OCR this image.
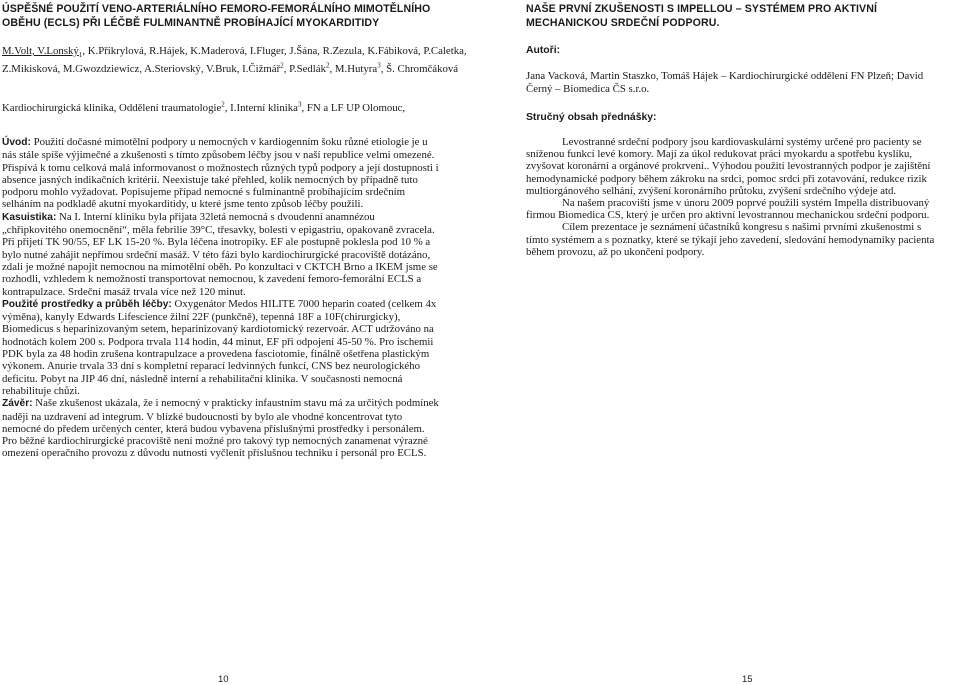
ÚSPĚŠNÉ POUŽITÍ VENO-ARTERIÁLNÍHO FEMORO-FEMORÁLNÍHO MIMOTĚLNÍHO OBĚHU (ECLS) PŘI LÉČBĚ FULMINANTNĚ PROBÍHAJÍCÍ MYOKARDITIDY
M.Volt, V.Lonský$_1$, K.Přikrylová, R.Hájek, K.Maderová, I.Fluger, J.Šána, R.Zezula, K.Fábiková, P.Caletka, Z.Mikisková, M.Gwozdziewicz, A.Steriovský, V.Bruk, I.Čižmář$^2$, P.Sedlák$^2$, M.Hutyra$^3$, Š. Chromčáková
Kardiochirurgická klinika, Oddělení traumatologie$^2$, I.Interní klinika$^3$, FN a LF UP Olomouc,
Úvod: Použití dočasné mimotělní podpory u nemocných v kardiogenním šoku různé etiologie je u nás stále spíše výjimečné a zkušenosti s tímto způsobem léčby jsou v naší republice velmi omezené. Přispívá k tomu celková malá informovanost o možnostech různých typů podpory a její dostupnosti i absence jasných indikačních kritérií. Neexistuje také přehled, kolik nemocných by případně tuto podporu mohlo vyžadovat. Popisujeme případ nemocné s fulminantně probíhajícím srdečním selháním na podkladě akutní myokarditidy, u které jsme tento způsob léčby použili.
Kasuistika: Na I. Interní kliniku byla přijata 32letá nemocná s dvoudenní anamnézou „chřipkovitého onemocnění“, měla febrilie 39°C, třesavky, bolesti v epigastriu, opakovaně zvracela. Při přijetí TK 90/55, EF LK 15-20 %. Byla léčena inotropiky. EF ale postupně poklesla pod 10 % a bylo nutné zahájit nepřímou srdeční masáž. V této fázi bylo kardiochirurgické pracoviště dotázáno, zdali je možné napojit nemocnou na mimotělní oběh. Po konzultaci v CKTCH Brno a IKEM jsme se rozhodli, vzhledem k nemožnosti transportovat nemocnou, k zavedení femoro-femorální ECLS a kontrapulzace. Srdeční masáž trvala více než 120 minut.
Použité prostředky a průběh léčby: Oxygenátor Medos HILITE 7000 heparin coated (celkem 4x výměna), kanyly Edwards Lifescience žilní 22F (punkčně), tepenná 18F a 10F(chirurgicky), Biomedicus s heparinizovaným setem, heparinizovaný kardiotomický rezervoár. ACT udržováno na hodnotách kolem 200 s. Podpora trvala 114 hodin, 44 minut, EF při odpojení 45-50 %. Pro ischemii PDK byla za 48 hodin zrušena kontrapulzace a provedena fasciotomie, finálně ošetřena plastickým výkonem. Anurie trvala 33 dní s kompletní reparací ledvinných funkcí, CNS bez neurologického deficitu. Pobyt na JIP 46 dní, následně interní a rehabilitační klinika. V současnosti nemocná rehabilituje chůzi.
Závěr: Naše zkušenost ukázala, že i nemocný v prakticky infaustním stavu má za určitých podmínek naději na uzdravení ad integrum. V blízké budoucnosti by bylo ale vhodné koncentrovat tyto nemocné do předem určených center, která budou vybavena příslušnými prostředky i personálem. Pro běžné kardiochirurgické pracoviště není možné pro takový typ nemocných zanamenat výrazné omezení operačního provozu z důvodu nutnosti vyčlenit příslušnou techniku i personál pro ECLS.
10
NAŠE PRVNÍ ZKUŠENOSTI S IMPELLOU – SYSTÉMEM PRO AKTIVNÍ MECHANICKOU SRDEČNÍ PODPORU.
Autoři:
Jana Vacková, Martin Staszko, Tomáš Hájek – Kardiochirurgické oddělení FN Plzeň; David Černý – Biomedica ČS s.r.o.
Stručný obsah přednášky:

Levostranné srdeční podpory jsou kardiovaskulární systémy určené pro pacienty se sníženou funkcí levé komory. Mají za úkol redukovat práci myokardu a spotřebu kyslíku, zvyšovat koronární a orgánové prokrvení.. Výhodou použití levostranných podpor je zajištění hemodynamické podpory během zákroku na srdci, pomoc srdci při zotavování, redukce rizik multiorgánového selhání, zvýšení koronárního průtoku, zvýšení srdečního výdeje atd.

Na našem pracovišti jsme v únoru 2009 poprvé použili systém Impella distribuovaný firmou Biomedica CS, který je určen pro aktivní levostrannou mechanickou srdeční podporu.

Cílem prezentace je seznámení účastníků kongresu s našimi prvními zkušenostmi s tímto systémem a s poznatky, které se týkají jeho zavedení, sledování hemodynamiky pacienta během provozu, až po ukončení podpory.

15
